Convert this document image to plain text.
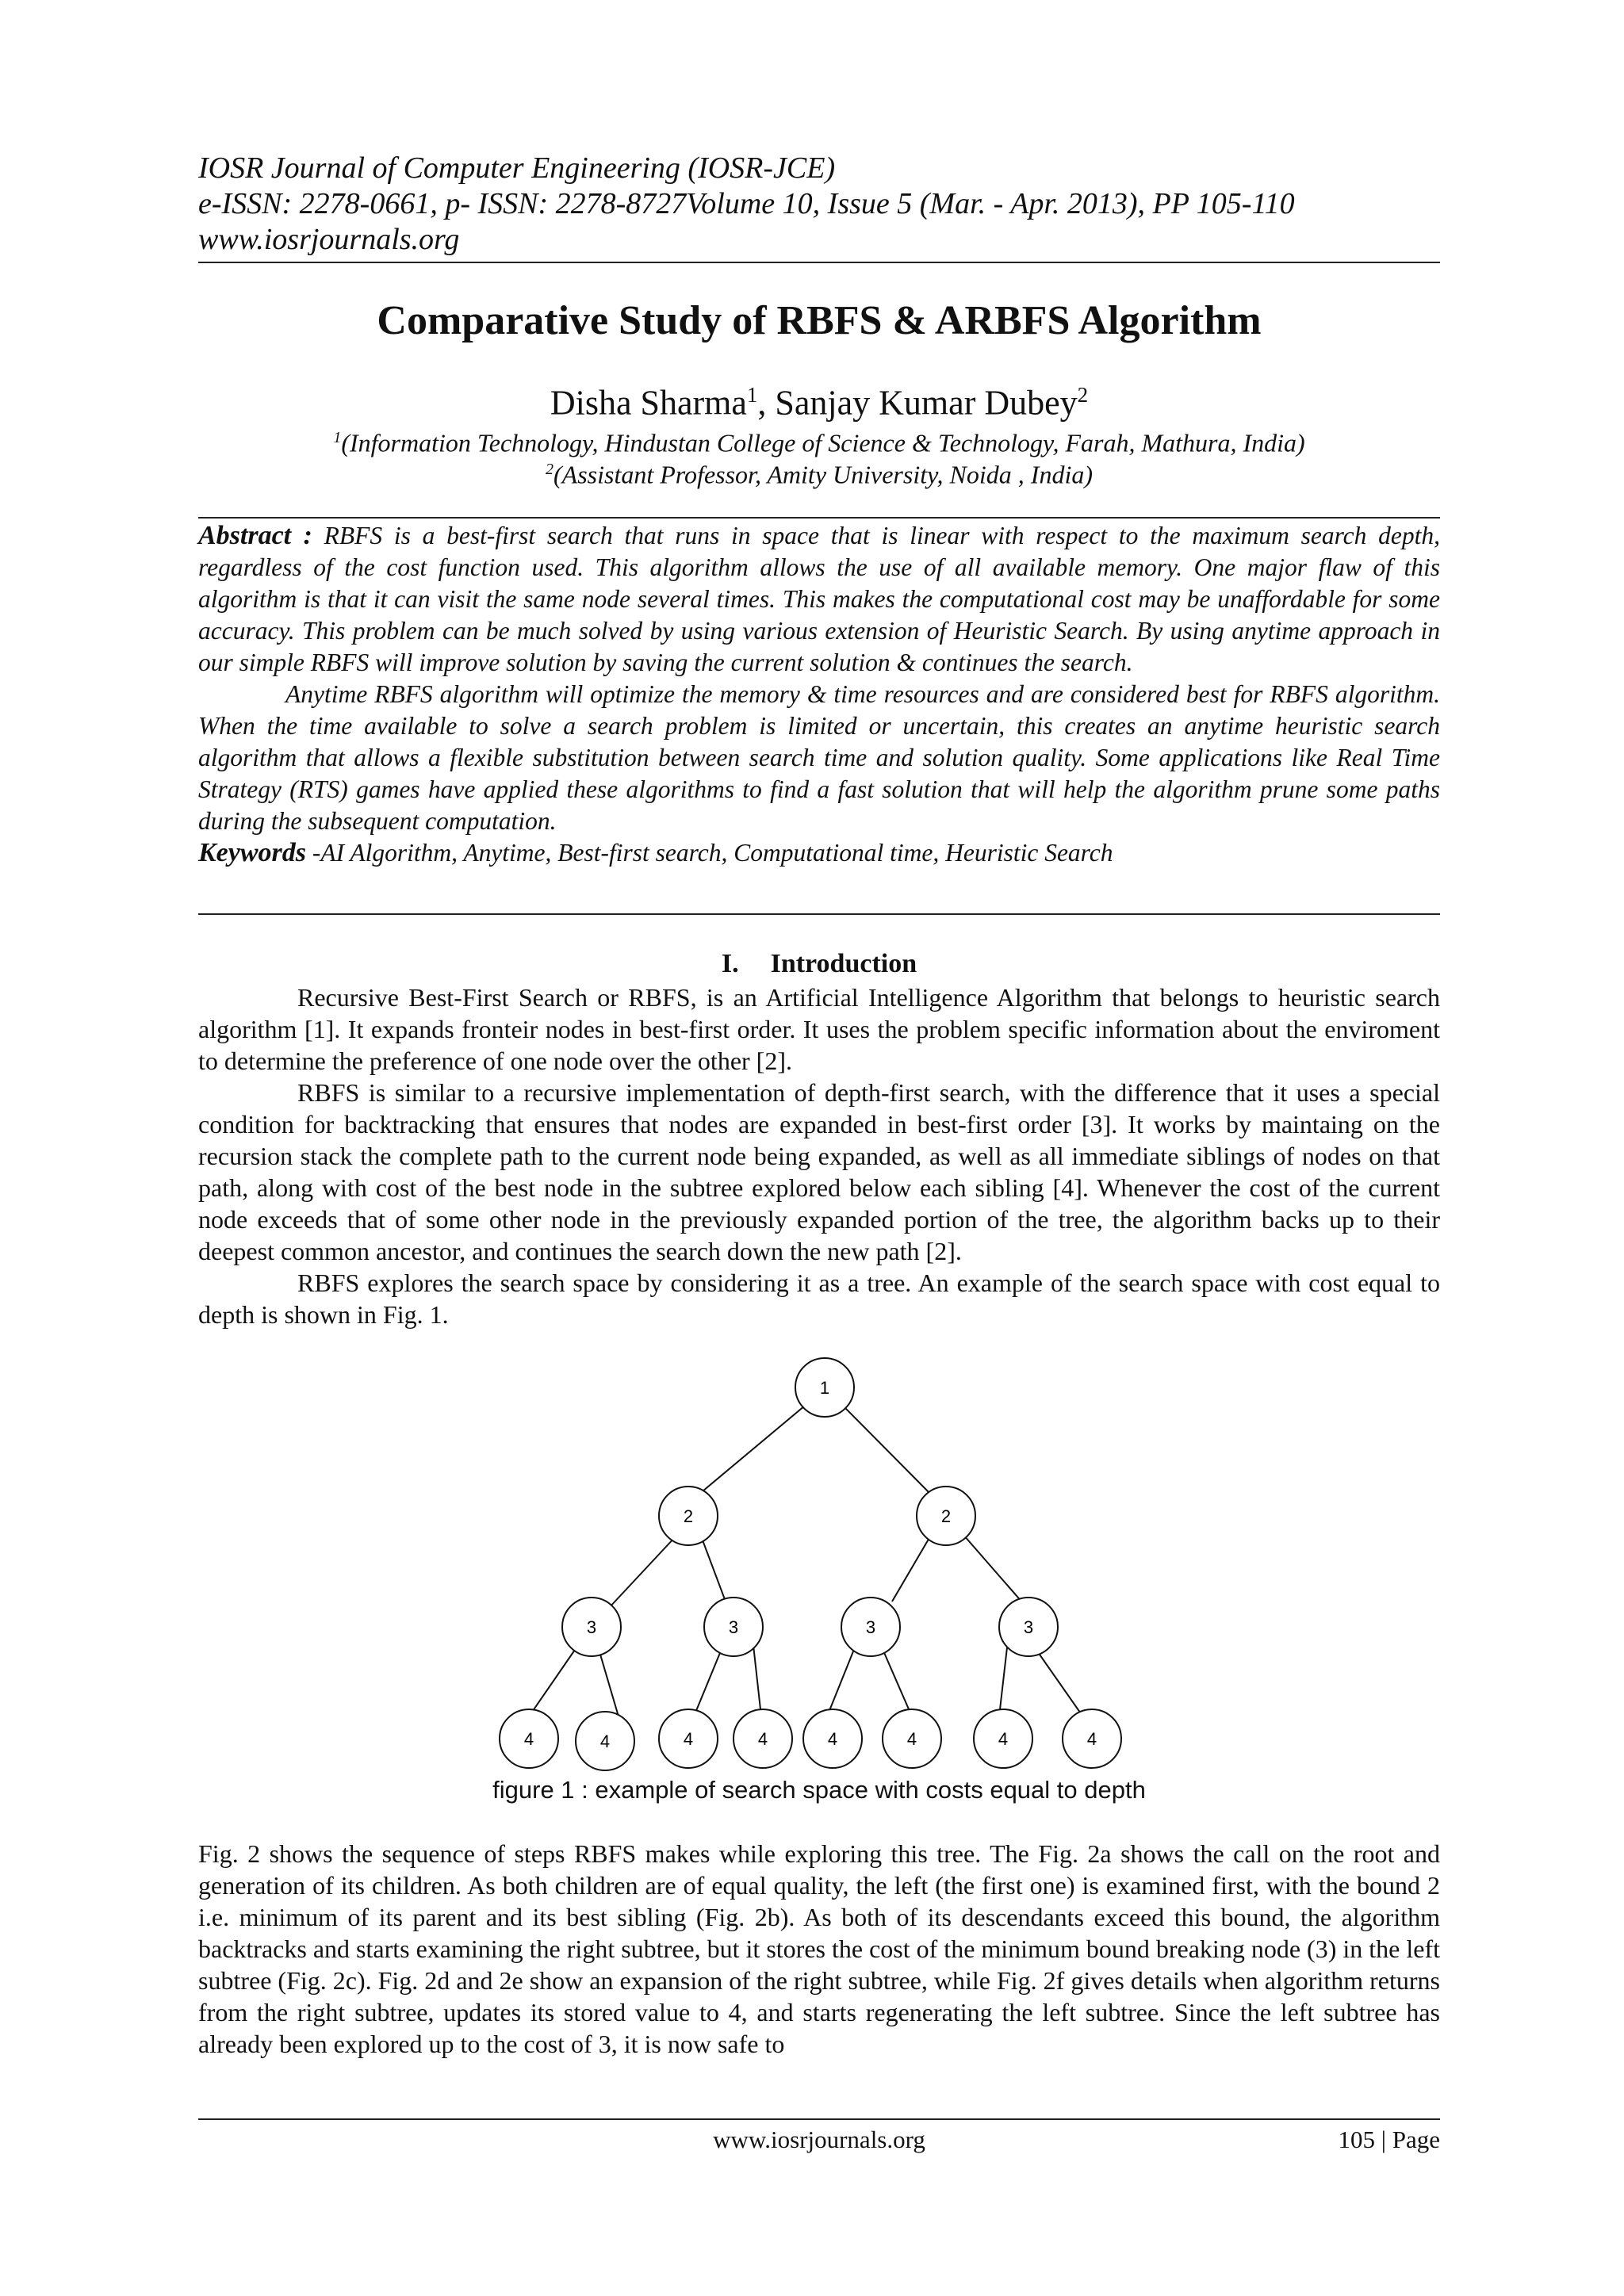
IOSR Journal of Computer Engineering (IOSR-JCE)
e-ISSN: 2278-0661, p- ISSN: 2278-8727Volume 10, Issue 5 (Mar. - Apr. 2013), PP 105-110
www.iosrjournals.org
Comparative Study of RBFS & ARBFS Algorithm
Disha Sharma$^1$, Sanjay Kumar Dubey$^2$
$^1$(Information Technology, Hindustan College of Science & Technology, Farah, Mathura, India)
$^2$(Assistant Professor, Amity University, Noida , India)

Abstract : RBFS is a best-first search that runs in space that is linear with respect to the maximum search depth, regardless of the cost function used. This algorithm allows the use of all available memory. One major flaw of this algorithm is that it can visit the same node several times. This makes the computational cost may be unaffordable for some accuracy. This problem can be much solved by using various extension of Heuristic Search. By using anytime approach in our simple RBFS will improve solution by saving the current solution & continues the search.

Anytime RBFS algorithm will optimize the memory & time resources and are considered best for RBFS algorithm. When the time available to solve a search problem is limited or uncertain, this creates an anytime heuristic search algorithm that allows a flexible substitution between search time and solution quality. Some applications like Real Time Strategy (RTS) games have applied these algorithms to find a fast solution that will help the algorithm prune some paths during the subsequent computation.

Keywords -AI Algorithm, Anytime, Best-first search, Computational time, Heuristic Search

I. Introduction

Recursive Best-First Search or RBFS, is an Artificial Intelligence Algorithm that belongs to heuristic search algorithm [1]. It expands fronteir nodes in best-first order. It uses the problem specific information about the enviroment to determine the preference of one node over the other [2].

RBFS is similar to a recursive implementation of depth-first search, with the difference that it uses a special condition for backtracking that ensures that nodes are expanded in best-first order [3]. It works by maintaing on the recursion stack the complete path to the current node being expanded, as well as all immediate siblings of nodes on that path, along with cost of the best node in the subtree explored below each sibling [4]. Whenever the cost of the current node exceeds that of some other node in the previously expanded portion of the tree, the algorithm backs up to their deepest common ancestor, and continues the search down the new path [2].

RBFS explores the search space by considering it as a tree. An example of the search space with cost equal to depth is shown in Fig. 1.

1
2	2
3	3	3	3
4	4	4	4	4	4	4	4
figure 1 : example of search space with costs equal to depth

Fig. 2 shows the sequence of steps RBFS makes while exploring this tree. The Fig. 2a shows the call on the root and generation of its children. As both children are of equal quality, the left (the first one) is examined first, with the bound 2 i.e. minimum of its parent and its best sibling (Fig. 2b). As both of its descendants exceed this bound, the algorithm backtracks and starts examining the right subtree, but it stores the cost of the minimum bound breaking node (3) in the left subtree (Fig. 2c). Fig. 2d and 2e show an expansion of the right subtree, while Fig. 2f gives details when algorithm returns from the right subtree, updates its stored value to 4, and starts regenerating the left subtree. Since the left subtree has already been explored up to the cost of 3, it is now safe to

www.iosrjournals.org	105 | Page
